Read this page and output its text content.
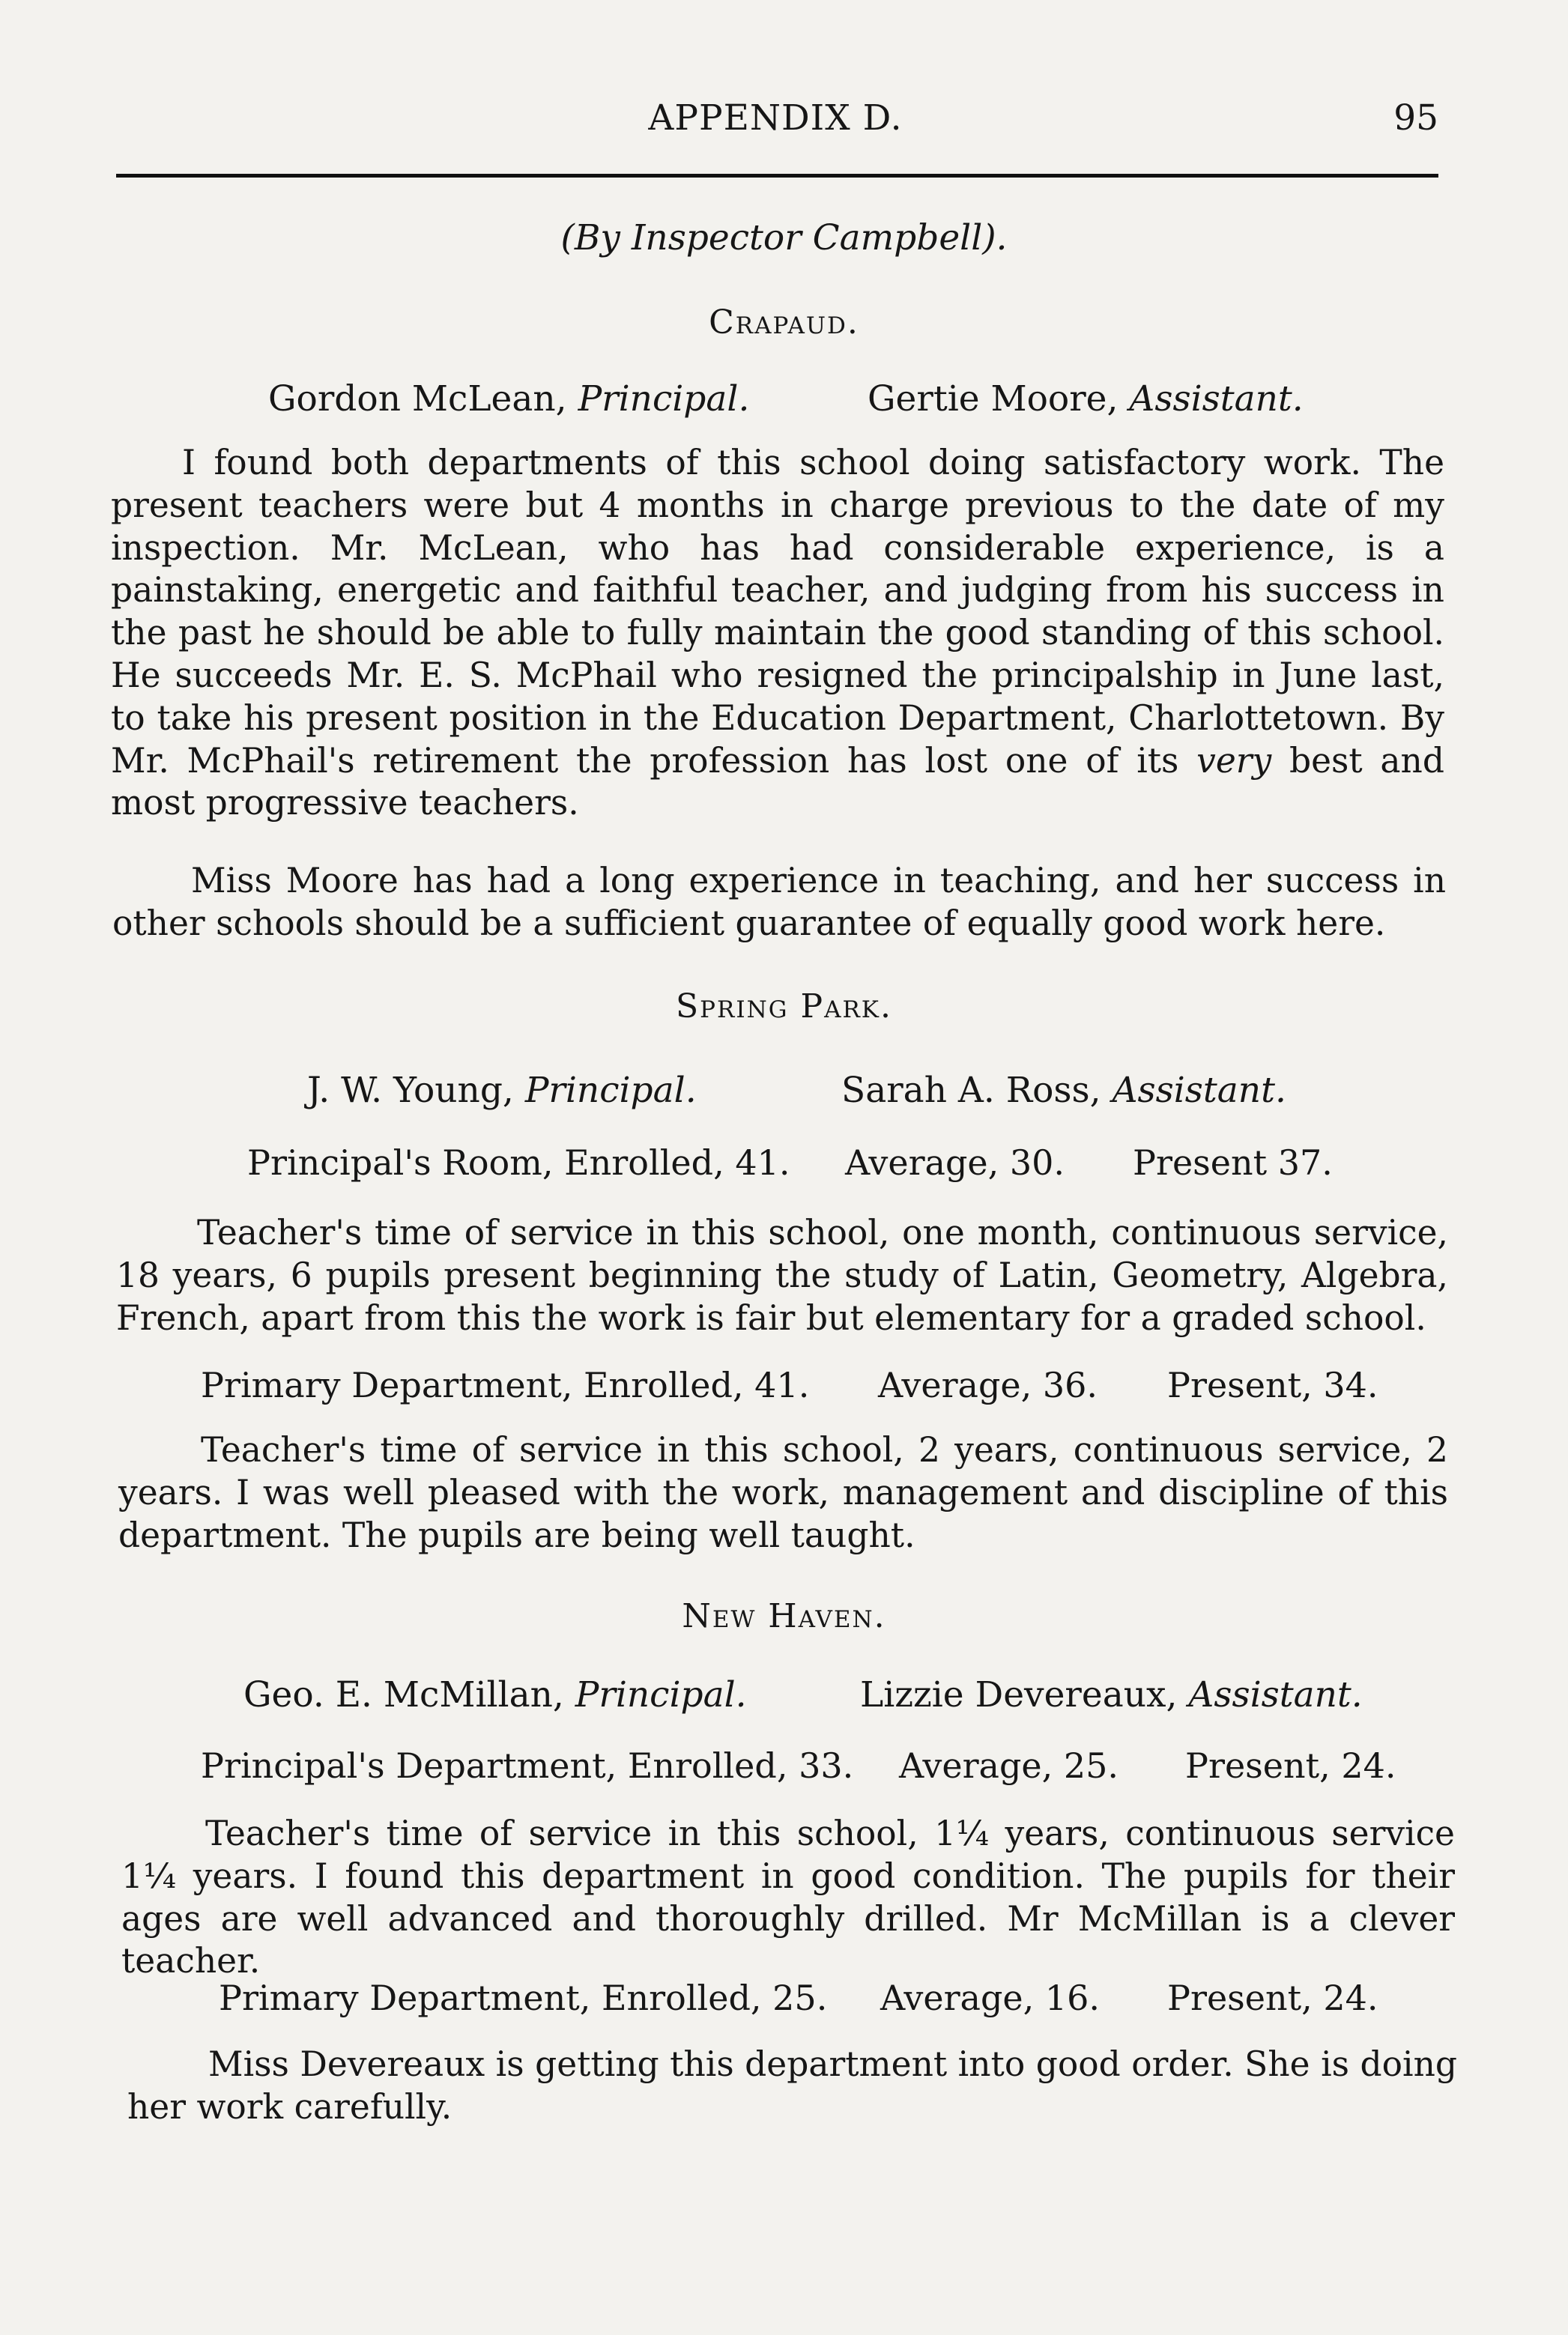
APPENDIX D.	95
(By Inspector Campbell).
Crapaud.
Gordon McLean, Principal.	Gertie Moore, Assistant.
I found both departments of this school doing satisfactory work. The present teachers were but 4 months in charge previous to the date of my inspection. Mr. McLean, who has had considerable experience, is a painstaking, energetic and faithful teacher, and judging from his success in the past he should be able to fully maintain the good standing of this school. He succeeds Mr. E. S. McPhail who resigned the principalship in June last, to take his present position in the Education Department, Charlottetown. By Mr. McPhail's retirement the profession has lost one of its very best and most progressive teachers.
Miss Moore has had a long experience in teaching, and her success in other schools should be a sufficient guarantee of equally good work here.
Spring Park.
J. W. Young, Principal.	Sarah A. Ross, Assistant.
Principal's Room, Enrolled, 41. Average, 30. Present 37.
Teacher's time of service in this school, one month, continuous service, 18 years, 6 pupils present beginning the study of Latin, Geometry, Algebra, French, apart from this the work is fair but elementary for a graded school.
Primary Department, Enrolled, 41. Average, 36. Present, 34.
Teacher's time of service in this school, 2 years, continuous service, 2 years. I was well pleased with the work, management and discipline of this department. The pupils are being well taught.
New Haven.
Geo. E. McMillan, Principal.	Lizzie Devereaux, Assistant.
Principal's Department, Enrolled, 33. Average, 25. Present, 24.
Teacher's time of service in this school, 1¼ years, continuous service 1¼ years. I found this department in good condition. The pupils for their ages are well advanced and thoroughly drilled. Mr McMillan is a clever teacher.
Primary Department, Enrolled, 25. Average, 16. Present, 24.
Miss Devereaux is getting this department into good order. She is doing her work carefully.
